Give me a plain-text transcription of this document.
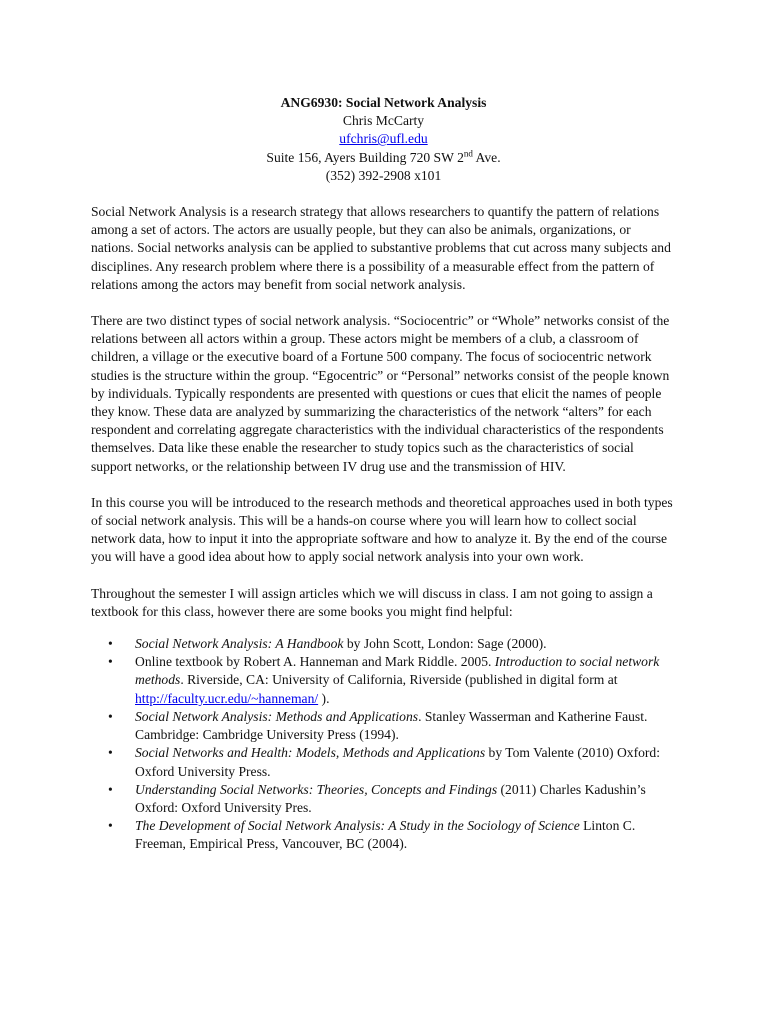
ANG6930: Social Network Analysis
Chris McCarty
ufchris@ufl.edu
Suite 156, Ayers Building 720 SW 2nd Ave.
(352) 392-2908 x101

Social Network Analysis is a research strategy that allows researchers to quantify the pattern of relations among a set of actors. The actors are usually people, but they can also be animals, organizations, or nations. Social networks analysis can be applied to substantive problems that cut across many subjects and disciplines. Any research problem where there is a possibility of a measurable effect from the pattern of relations among the actors may benefit from social network analysis.

There are two distinct types of social network analysis. “Sociocentric” or “Whole” networks consist of the relations between all actors within a group. These actors might be members of a club, a classroom of children, a village or the executive board of a Fortune 500 company. The focus of sociocentric network studies is the structure within the group. “Egocentric” or “Personal” networks consist of the people known by individuals. Typically respondents are presented with questions or cues that elicit the names of people they know. These data are analyzed by summarizing the characteristics of the network “alters” for each respondent and correlating aggregate characteristics with the individual characteristics of the respondents themselves. Data like these enable the researcher to study topics such as the characteristics of social support networks, or the relationship between IV drug use and the transmission of HIV.

In this course you will be introduced to the research methods and theoretical approaches used in both types of social network analysis. This will be a hands-on course where you will learn how to collect social network data, how to input it into the appropriate software and how to analyze it. By the end of the course you will have a good idea about how to apply social network analysis into your own work.

Throughout the semester I will assign articles which we will discuss in class. I am not going to assign a textbook for this class, however there are some books you might find helpful:

• Social Network Analysis: A Handbook by John Scott, London: Sage (2000).
• Online textbook by Robert A. Hanneman and Mark Riddle. 2005. Introduction to social network methods. Riverside, CA: University of California, Riverside (published in digital form at http://faculty.ucr.edu/~hanneman/ ).
• Social Network Analysis: Methods and Applications. Stanley Wasserman and Katherine Faust. Cambridge: Cambridge University Press (1994).
• Social Networks and Health: Models, Methods and Applications by Tom Valente (2010) Oxford: Oxford University Press.
• Understanding Social Networks: Theories, Concepts and Findings (2011) Charles Kadushin’s Oxford: Oxford University Pres.
• The Development of Social Network Analysis: A Study in the Sociology of Science Linton C. Freeman, Empirical Press, Vancouver, BC (2004).
